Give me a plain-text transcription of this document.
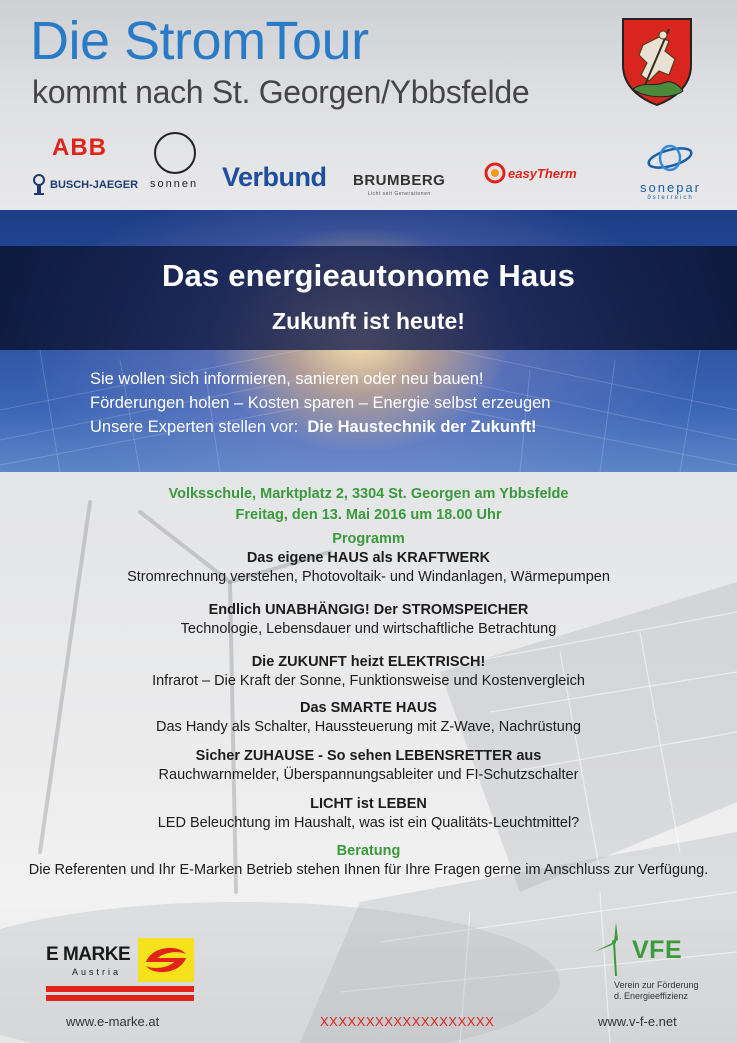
Die StromTour
kommt nach St. Georgen/Ybbsfelde
ABB
sonnen
BUSCH-JAEGER	Verbund BRUMBERG
Licht seit Generationen
easyTherm
sonepar
österreich
Das energieautonome Haus
Zukunft ist heute!
Sie wollen sich informieren, sanieren oder neu bauen!
Förderungen holen – Kosten sparen – Energie selbst erzeugen
Unsere Experten stellen vor: Die Haustechnik der Zukunft!
Volksschule, Marktplatz 2, 3304 St. Georgen am Ybbsfelde
Freitag, den 13. Mai 2016 um 18.00 Uhr
Programm
Das eigene HAUS als KRAFTWERK
Stromrechnung verstehen, Photovoltaik- und Windanlagen, Wärmepumpen
Endlich UNABHÄNGIG! Der STROMSPEICHER
Technologie, Lebensdauer und wirtschaftliche Betrachtung
Die ZUKUNFT heizt ELEKTRISCH!
Infrarot – Die Kraft der Sonne, Funktionsweise und Kostenvergleich
Das SMARTE HAUS
Das Handy als Schalter, Haussteuerung mit Z-Wave, Nachrüstung
Sicher ZUHAUSE - So sehen LEBENSRETTER aus
Rauchwarnmelder, Überspannungsableiter und FI-Schutzschalter
LICHT ist LEBEN
LED Beleuchtung im Haushalt, was ist ein Qualitäts-Leuchtmittel?
Beratung
Die Referenten und Ihr E-Marken Betrieb stehen Ihnen für Ihre Fragen gerne im Anschluss zur Verfügung.
E MARKE
Austria
www.e-marke.at	XXXXXXXXXXXXXXXXXXX
VFE
Verein zur Förderung
d. Energieeffizienz
www.v-f-e.net
